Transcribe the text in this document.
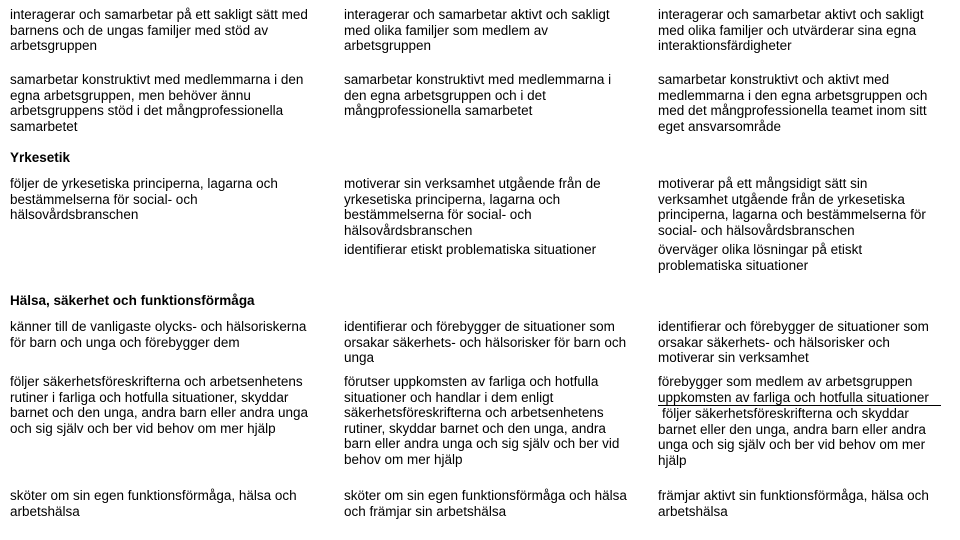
interagerar och samarbetar på ett sakligt sätt med
barnens och de ungas familjer med stöd av
arbetsgruppen
interagerar och samarbetar aktivt och sakligt
med olika familjer som medlem av
arbetsgruppen
interagerar och samarbetar aktivt och sakligt
med olika familjer och utvärderar sina egna
interaktionsfärdigheter
samarbetar konstruktivt med medlemmarna i den
egna arbetsgruppen, men behöver ännu
arbetsgruppens stöd i det mångprofessionella
samarbetet
samarbetar konstruktivt med medlemmarna i
den egna arbetsgruppen och i det
mångprofessionella samarbetet
samarbetar konstruktivt och aktivt med
medlemmarna i den egna arbetsgruppen och
med det mångprofessionella teamet inom sitt
eget ansvarsområde
Yrkesetik
följer de yrkesetiska principerna, lagarna och
bestämmelserna för social- och
hälsovårdsbranschen
motiverar sin verksamhet utgående från de
yrkesetiska principerna, lagarna och
bestämmelserna för social- och
hälsovårdsbranschen
motiverar på ett mångsidigt sätt sin
verksamhet utgående från de yrkesetiska
principerna, lagarna och bestämmelserna för
social- och hälsovårdsbranschen
identifierar etiskt problematiska situationer	överväger olika lösningar på etiskt
problematiska situationer
Hälsa, säkerhet och funktionsförmåga
känner till de vanligaste olycks- och hälsoriskerna
för barn och unga och förebygger dem
identifierar och förebygger de situationer som
orsakar säkerhets- och hälsorisker för barn och
unga
identifierar och förebygger de situationer som
orsakar säkerhets- och hälsorisker och
motiverar sin verksamhet
följer säkerhetsföreskrifterna och arbetsenhetens
rutiner i farliga och hotfulla situationer, skyddar
barnet och den unga, andra barn eller andra unga
och sig själv och ber vid behov om mer hjälp
förutser uppkomsten av farliga och hotfulla
situationer och handlar i dem enligt
säkerhetsföreskrifterna och arbetsenhetens
rutiner, skyddar barnet och den unga, andra
barn eller andra unga och sig själv och ber vid
behov om mer hjälp
förebygger som medlem av arbetsgruppen
uppkomsten av farliga och hotfulla situationer
följer säkerhetsföreskrifterna och skyddar
barnet eller den unga, andra barn eller andra
unga och sig själv och ber vid behov om mer
hjälp
sköter om sin egen funktionsförmåga, hälsa och
arbetshälsa
sköter om sin egen funktionsförmåga och hälsa
och främjar sin arbetshälsa
främjar aktivt sin funktionsförmåga, hälsa och
arbetshälsa
